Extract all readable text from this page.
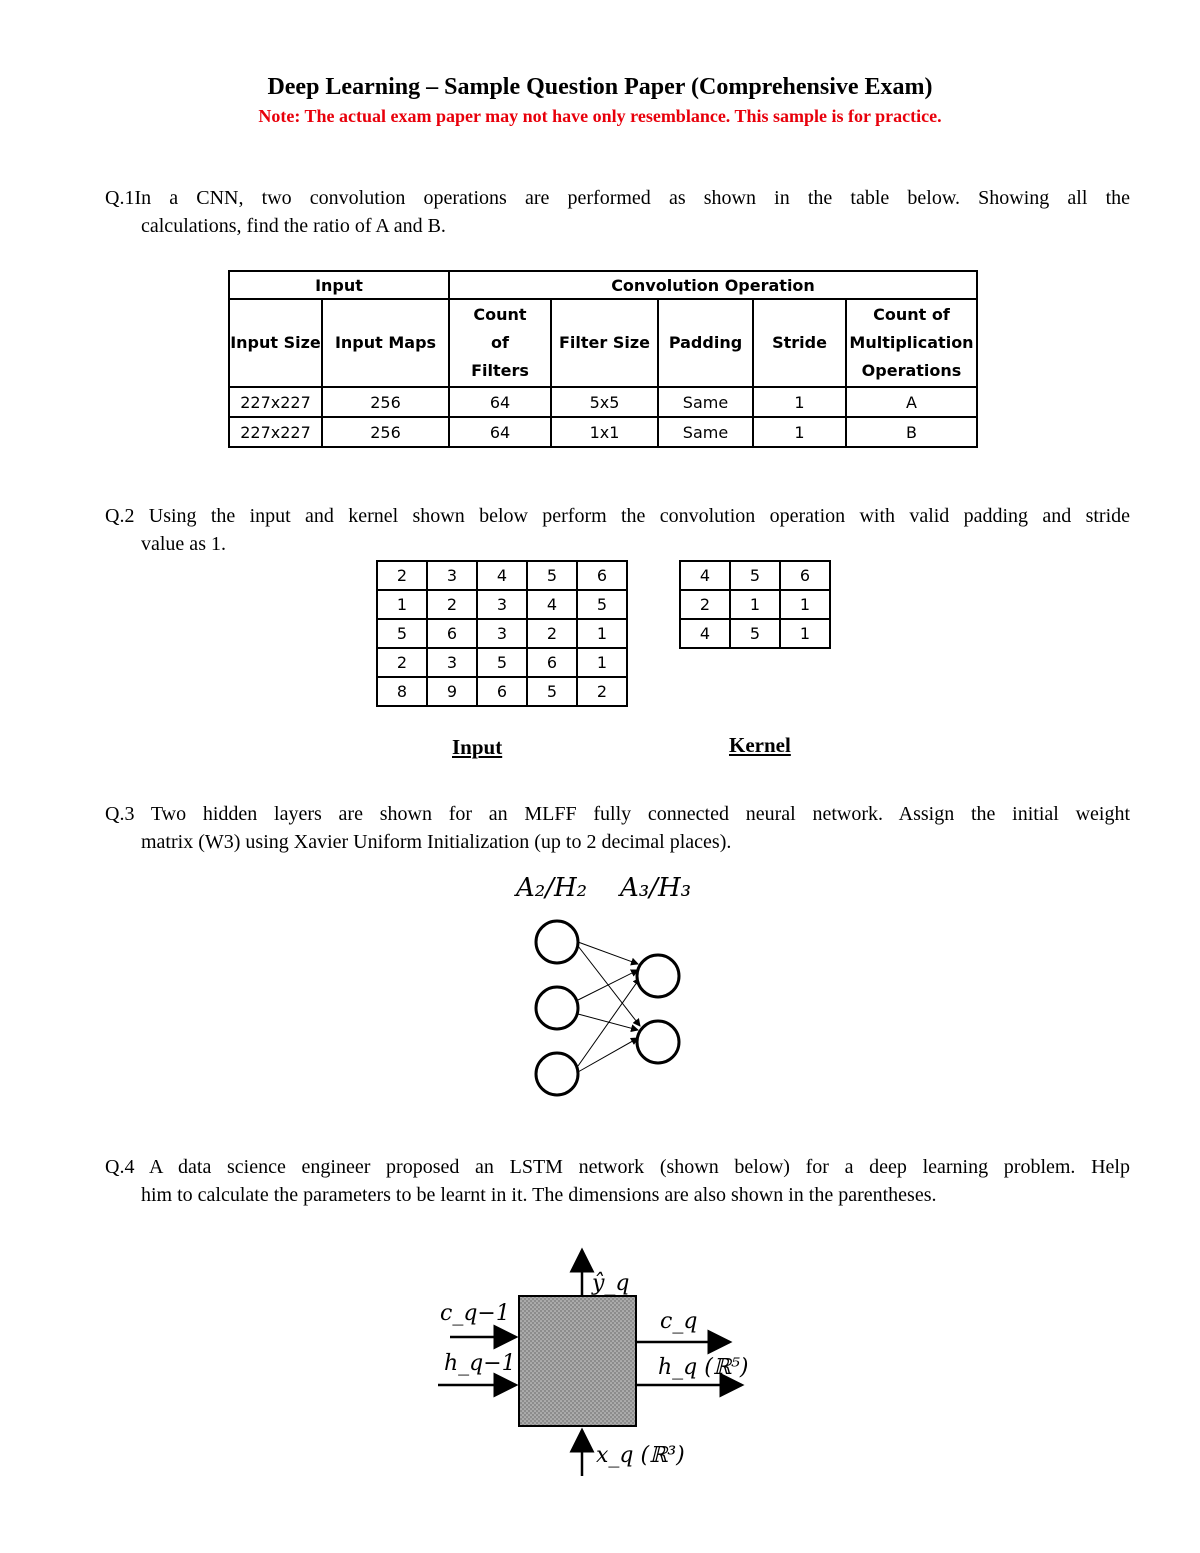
Deep Learning – Sample Question Paper (Comprehensive Exam)
Note: The actual exam paper may not have only resemblance. This sample is for practice.
Q.1In a CNN, two convolution operations are performed as shown in the table below. Showing all the
calculations, find the ratio of A and B.
Input		Convolution Operation				
Input Size	Input Maps	Count of Filters	Filter Size	Padding	Stride	Count of Multiplication Operations
227x227	256	64	5x5	Same	1	A
227x227	256	64	1x1	Same	1	B
Q.2 Using the input and kernel shown below perform the convolution operation with valid padding and stride
value as 1.
2	3	4	5	6
1	2	3	4	5
5	6	3	2	1
2	3	5	6	1
8	9	6	5	2
4	5	6
2	1	1
4	5	1
Input	Kernel
Q.3 Two hidden layers are shown for an MLFF fully connected neural network. Assign the initial weight
matrix (W3) using Xavier Uniform Initialization (up to 2 decimal places).
A₂/H₂ A₃/H₃
Q.4 A data science engineer proposed an LSTM network (shown below) for a deep learning problem. Help
him to calculate the parameters to be learnt in it. The dimensions are also shown in the parentheses.
ŷ_q
c_q−1
h_q−1
c_q
h_q (ℝ⁵)
x_q (ℝ³)
